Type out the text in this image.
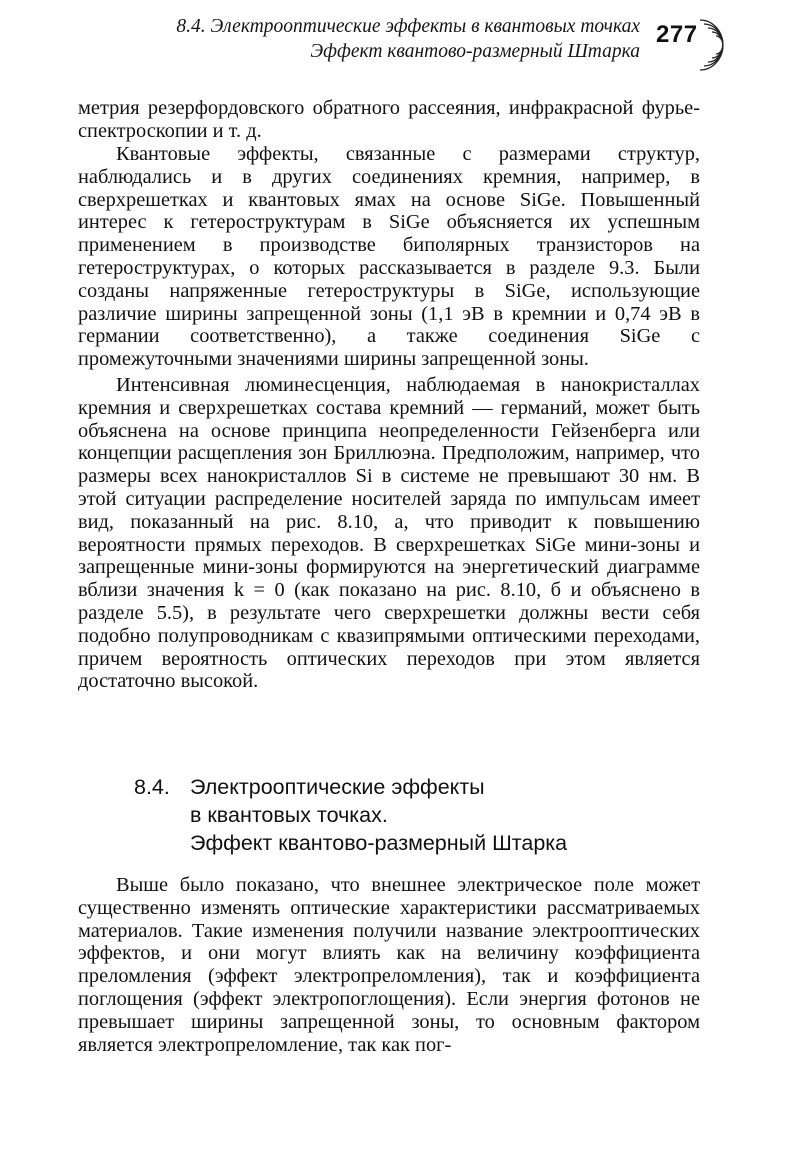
8.4. Электрооптические эффекты в квантовых точках
Эффект квантово-размерный Штарка
277

метрия резерфордовского обратного рассеяния, инфракрасной фурье-спектроскопии и т. д.

Квантовые эффекты, связанные с размерами структур, наблюдались и в других соединениях кремния, например, в сверхрешетках и квантовых ямах на основе SiGe. Повышенный интерес к гетероструктурам в SiGe объясняется их успешным применением в производстве биполярных транзисторов на гетероструктурах, о которых рассказывается в разделе 9.3. Были созданы напряженные гетероструктуры в SiGe, использующие различие ширины запрещенной зоны (1,1 эВ в кремнии и 0,74 эВ в германии соответственно), а также соединения SiGe с промежуточными значениями ширины запрещенной зоны.

Интенсивная люминесценция, наблюдаемая в нанокристаллах кремния и сверхрешетках состава кремний — германий, может быть объяснена на основе принципа неопределенности Гейзенберга или концепции расщепления зон Бриллюэна. Предположим, например, что размеры всех нанокристаллов Si в системе не превышают 30 нм. В этой ситуации распределение носителей заряда по импульсам имеет вид, показанный на рис. 8.10, а, что приводит к повышению вероятности прямых переходов. В сверхрешетках SiGe мини-зоны и запрещенные мини-зоны формируются на энергетический диаграмме вблизи значения k = 0 (как показано на рис. 8.10, б и объяснено в разделе 5.5), в результате чего сверхрешетки должны вести себя подобно полупроводникам с квазипрямыми оптическими переходами, причем вероятность оптических переходов при этом является достаточно высокой.

8.4. Электрооптические эффекты
в квантовых точках.
Эффект квантово-размерный Штарка

Выше было показано, что внешнее электрическое поле может существенно изменять оптические характеристики рассматриваемых материалов. Такие изменения получили название электрооптических эффектов, и они могут влиять как на величину коэффициента преломления (эффект электропреломления), так и коэффициента поглощения (эффект электропоглощения). Если энергия фотонов не превышает ширины запрещенной зоны, то основным фактором является электропреломление, так как пог-
